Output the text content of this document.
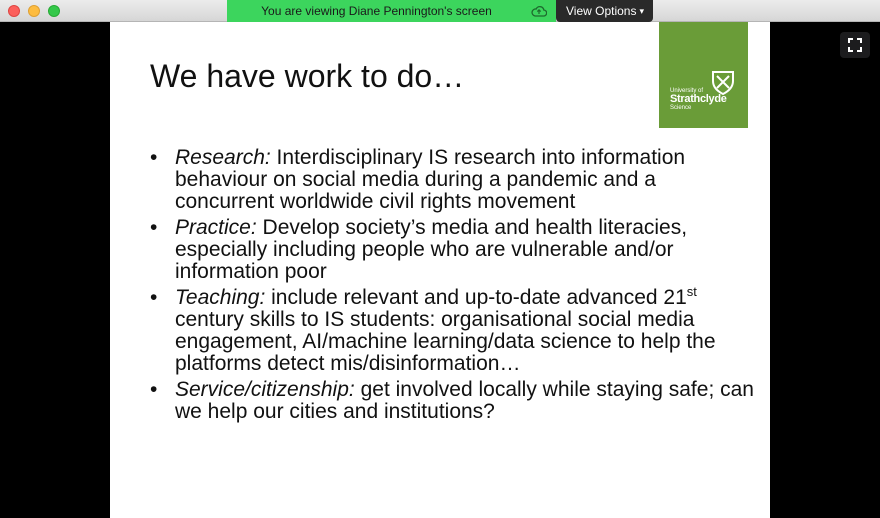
You are viewing Diane Pennington's screen	View Options ▾
We have work to do…	University of
Strathclyde
Science
• Research: Interdisciplinary IS research into information behaviour on social media during a pandemic and a concurrent worldwide civil rights movement
• Practice: Develop society’s media and health literacies, especially including people who are vulnerable and/or information poor
• Teaching: include relevant and up-to-date advanced 21st century skills to IS students: organisational social media engagement, AI/machine learning/data science to help the platforms detect mis/disinformation…
• Service/citizenship: get involved locally while staying safe; can we help our cities and institutions?
